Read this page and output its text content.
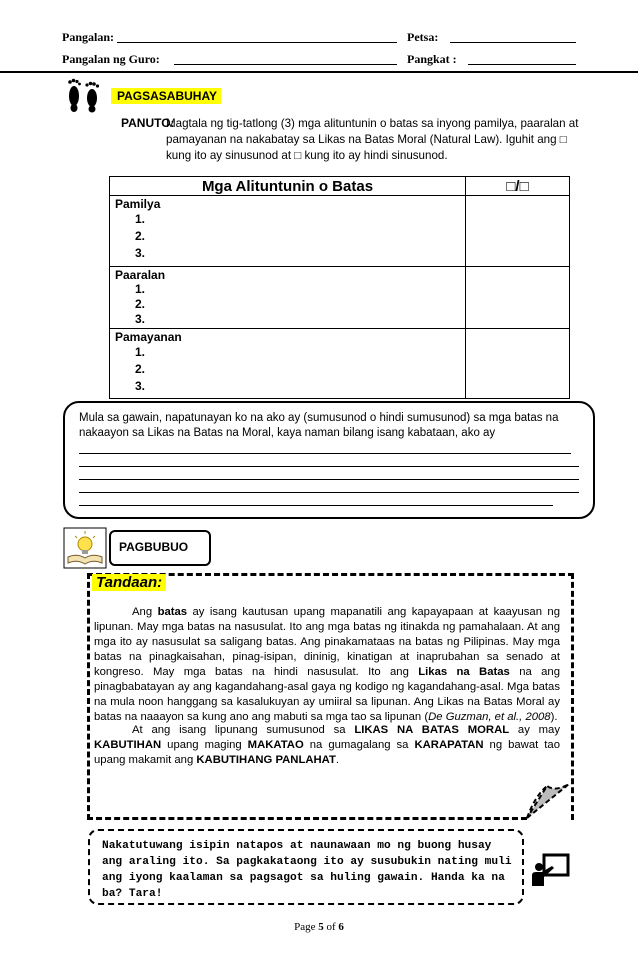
Pangalan:	Petsa:
Pangalan ng Guro:	Pangkat :
PAGSASABUHAY
PANUTO:
Magtala ng tig-tatlong (3) mga alituntunin o batas sa inyong pamilya, paaralan at
pamayanan na nakabatay sa Likas na Batas Moral (Natural Law). Iguhit ang □
kung ito ay sinusunod at □ kung ito ay hindi sinusunod.
Mga Alituntunin o Batas	□/□

Pamilya
1.
2.
3.	

Paaralan
1.
2.
3.	

Pamayanan
1.
2.
3.	

Mula sa gawain, napatunayan ko na ako ay (sumusunod o hindi sumusunod) sa mga batas na
nakaayon sa Likas na Batas na Moral, kaya naman bilang isang kabataan, ako ay

PAGBUBUO
Tandaan:
Ang batas ay isang kautusan upang mapanatili ang kapayapaan at kaayusan ng lipunan. May mga batas na nasusulat. Ito ang mga batas ng itinakda ng pamahalaan. At ang mga ito ay nasusulat sa saligang batas. Ang pinakamataas na batas ng Pilipinas. May mga batas na pinagkaisahan, pinag-isipan, dininig, kinatigan at inaprubahan sa senado at kongreso. May mga batas na hindi nasusulat. Ito ang Likas na Batas na ang pinagbabatayan ay ang kagandahang-asal gaya ng kodigo ng kagandahang-asal. Mga batas na mula noon hanggang sa kasalukuyan ay umiiral sa lipunan. Ang Likas na Batas Moral ay batas na naaayon sa kung ano ang mabuti sa mga tao sa lipunan (De Guzman, et al., 2008).
At ang isang lipunang sumusunod sa LIKAS NA BATAS MORAL ay may KABUTIHAN upang maging MAKATAO na gumagalang sa KARAPATAN ng bawat tao upang makamit ang KABUTIHANG PANLAHAT.
Nakatutuwang isipin natapos at naunawaan mo ng buong husay
ang araling ito. Sa pagkakataong ito ay susubukin nating muli
ang iyong kaalaman sa pagsagot sa huling gawain. Handa ka na
ba? Tara!
Page 5 of 6
